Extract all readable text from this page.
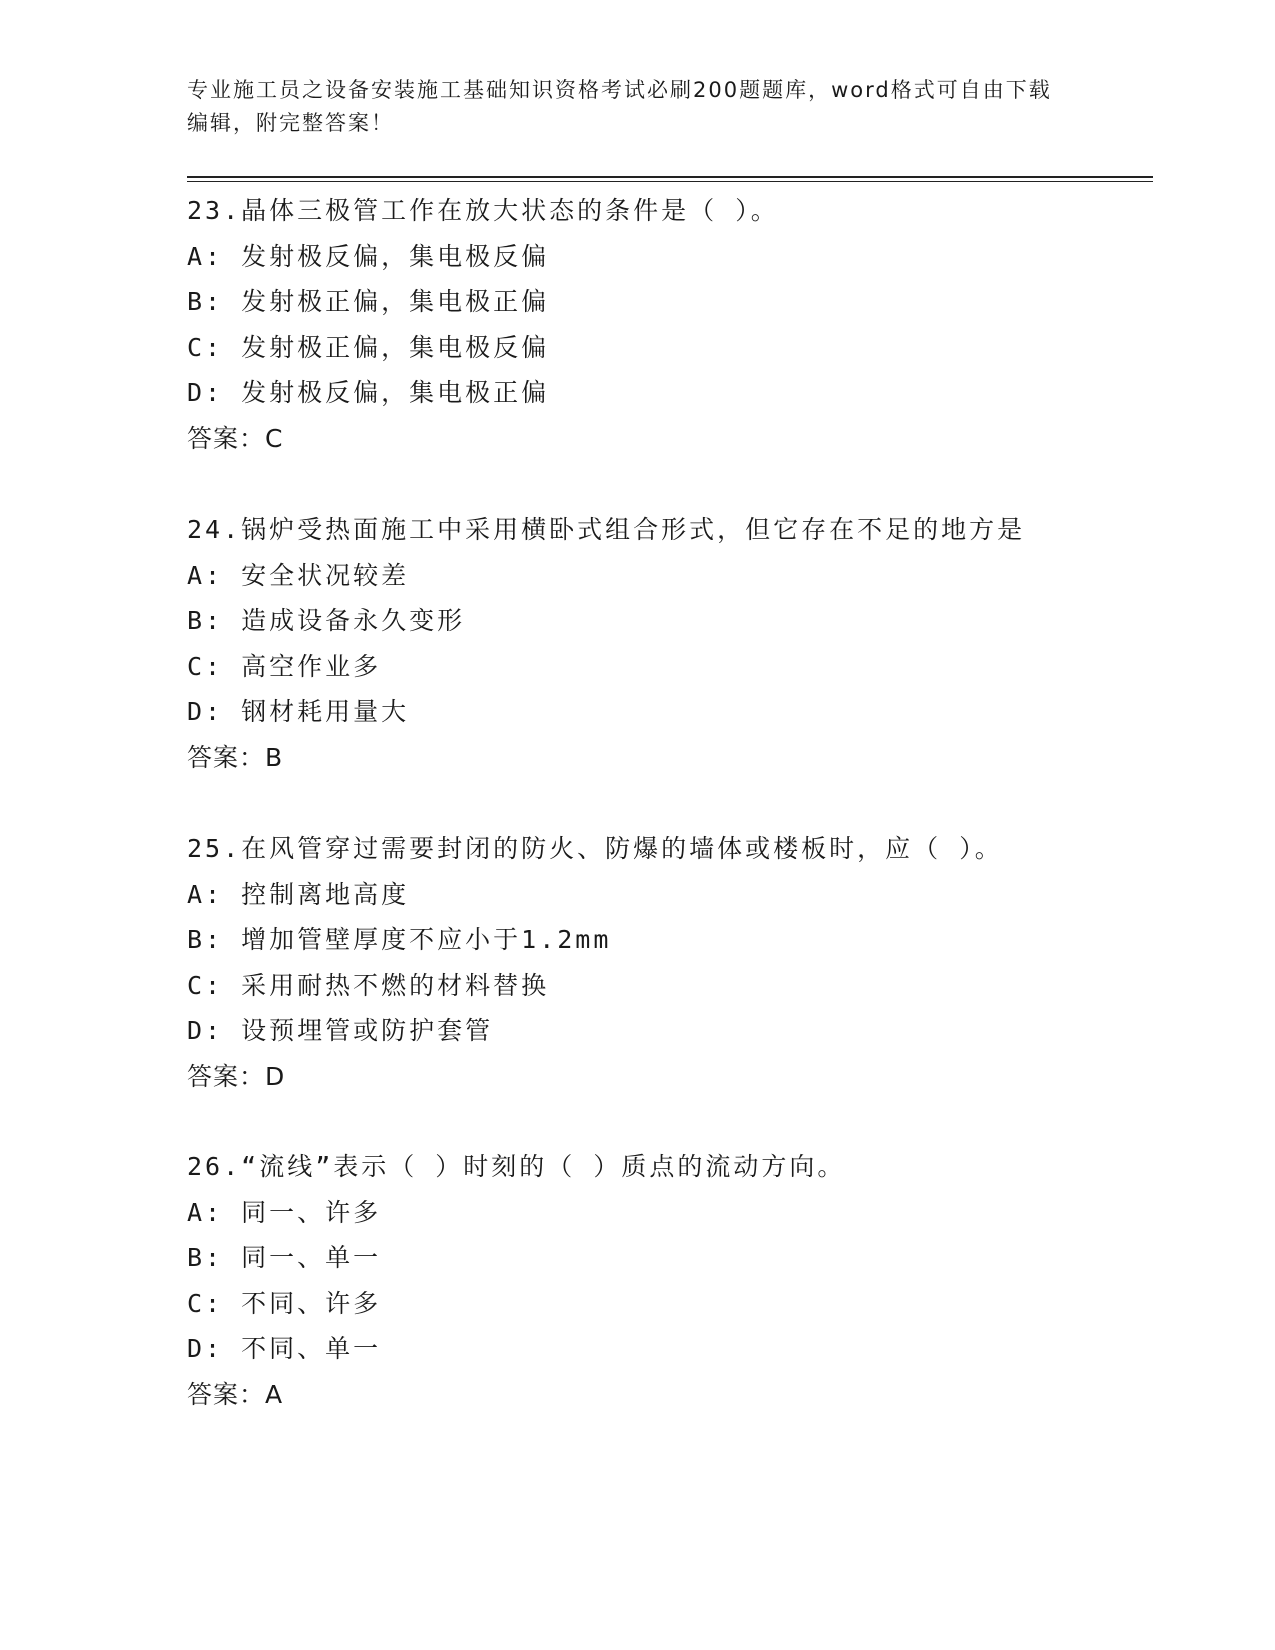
专业施工员之设备安装施工基础知识资格考试必刷200题题库，word格式可自由下载编辑，附完整答案！
23.晶体三极管工作在放大状态的条件是（ ）。
A: 发射极反偏，集电极反偏
B: 发射极正偏，集电极正偏
C: 发射极正偏，集电极反偏
D: 发射极反偏，集电极正偏
答案：C
24.锅炉受热面施工中采用横卧式组合形式，但它存在不足的地方是
A: 安全状况较差
B: 造成设备永久变形
C: 高空作业多
D: 钢材耗用量大
答案：B
25.在风管穿过需要封闭的防火、防爆的墙体或楼板时，应（ ）。
A: 控制离地高度
B: 增加管壁厚度不应小于1.2mm
C: 采用耐热不燃的材料替换
D: 设预埋管或防护套管
答案：D
26.“流线”表示（ ）时刻的（ ）质点的流动方向。
A: 同一、许多
B: 同一、单一
C: 不同、许多
D: 不同、单一
答案：A
